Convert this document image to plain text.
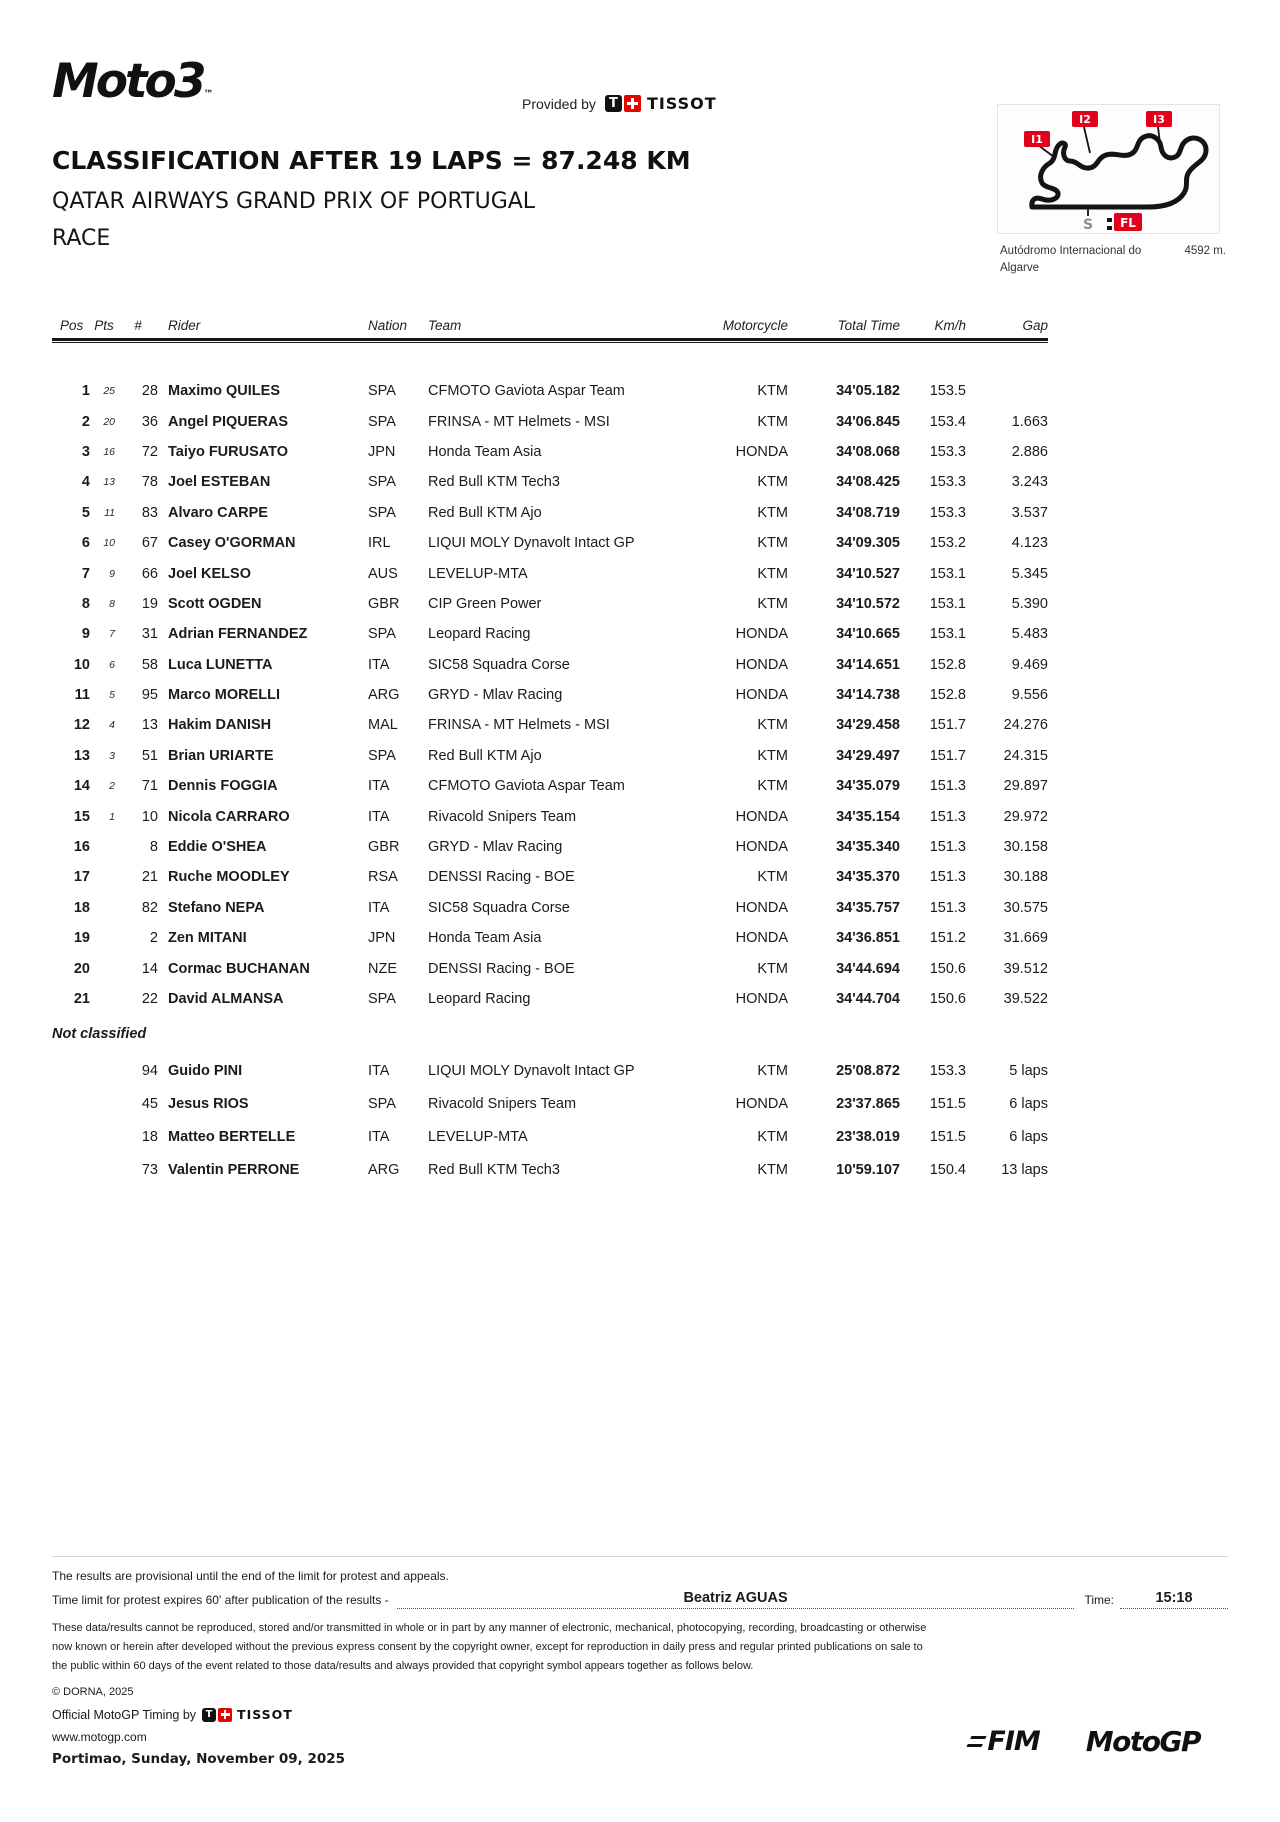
Moto3™
Provided by	T TISSOT
I1
I2	I3
S FL
Autódromo Internacional do	4592 m.
Algarve
CLASSIFICATION AFTER 19 LAPS = 87.248 KM
QATAR AIRWAYS GRAND PRIX OF PORTUGAL
RACE
Pos Pts	#	Rider	Nation	Team	Motorcycle	Total Time	Km/h	Gap
1	25	28 Maximo QUILES	SPA	CFMOTO Gaviota Aspar Team	KTM	34'05.182	153.5
2	20	36 Angel PIQUERAS	SPA	FRINSA - MT Helmets - MSI	KTM	34'06.845	153.4	1.663
3	16	72 Taiyo FURUSATO	JPN	Honda Team Asia	HONDA	34'08.068	153.3	2.886
4	13	78 Joel ESTEBAN	SPA	Red Bull KTM Tech3	KTM	34'08.425	153.3	3.243
5	11	83 Alvaro CARPE	SPA	Red Bull KTM Ajo	KTM	34'08.719	153.3	3.537
6	10	67 Casey O'GORMAN	IRL	LIQUI MOLY Dynavolt Intact GP	KTM	34'09.305	153.2	4.123
7	9	66 Joel KELSO	AUS	LEVELUP-MTA	KTM	34'10.527	153.1	5.345
8	8	19 Scott OGDEN	GBR	CIP Green Power	KTM	34'10.572	153.1	5.390
9	7	31 Adrian FERNANDEZ	SPA	Leopard Racing	HONDA	34'10.665	153.1	5.483
10	6	58 Luca LUNETTA	ITA	SIC58 Squadra Corse	HONDA	34'14.651	152.8	9.469
11	5	95 Marco MORELLI	ARG	GRYD - Mlav Racing	HONDA	34'14.738	152.8	9.556
12	4	13 Hakim DANISH	MAL	FRINSA - MT Helmets - MSI	KTM	34'29.458	151.7	24.276
13	3	51 Brian URIARTE	SPA	Red Bull KTM Ajo	KTM	34'29.497	151.7	24.315
14	2	71 Dennis FOGGIA	ITA	CFMOTO Gaviota Aspar Team	KTM	34'35.079	151.3	29.897
15	1	10 Nicola CARRARO	ITA	Rivacold Snipers Team	HONDA	34'35.154	151.3	29.972
16	8 Eddie O'SHEA	GBR	GRYD - Mlav Racing	HONDA	34'35.340	151.3	30.158
17	21 Ruche MOODLEY	RSA	DENSSI Racing - BOE	KTM	34'35.370	151.3	30.188
18	82 Stefano NEPA	ITA	SIC58 Squadra Corse	HONDA	34'35.757	151.3	30.575
19	2 Zen MITANI	JPN	Honda Team Asia	HONDA	34'36.851	151.2	31.669
20	14 Cormac BUCHANAN	NZE	DENSSI Racing - BOE	KTM	34'44.694	150.6	39.512
21	22 David ALMANSA	SPA	Leopard Racing	HONDA	34'44.704	150.6	39.522
Not classified
94 Guido PINI	ITA	LIQUI MOLY Dynavolt Intact GP	KTM	25'08.872	153.3	5 laps
45 Jesus RIOS	SPA	Rivacold Snipers Team	HONDA	23'37.865	151.5	6 laps
18 Matteo BERTELLE	ITA	LEVELUP-MTA	KTM	23'38.019	151.5	6 laps
73 Valentin PERRONE	ARG	Red Bull KTM Tech3	KTM	10'59.107	150.4	13 laps
The results are provisional until the end of the limit for protest and appeals.
Time limit for protest expires 60' after publication of the results -	Beatriz AGUAS	Time:	15:18
These data/results cannot be reproduced, stored and/or transmitted in whole or in part by any manner of electronic, mechanical, photocopying, recording, broadcasting or otherwise
now known or herein after developed without the previous express consent by the copyright owner, except for reproduction in daily press and regular printed publications on sale to
the public within 60 days of the event related to those data/results and always provided that copyright symbol appears together as follows below.
© DORNA, 2025
Official MotoGP Timing by T TISSOT
www.motogp.com
Portimao, Sunday, November 09, 2025
FIM MotoGP
